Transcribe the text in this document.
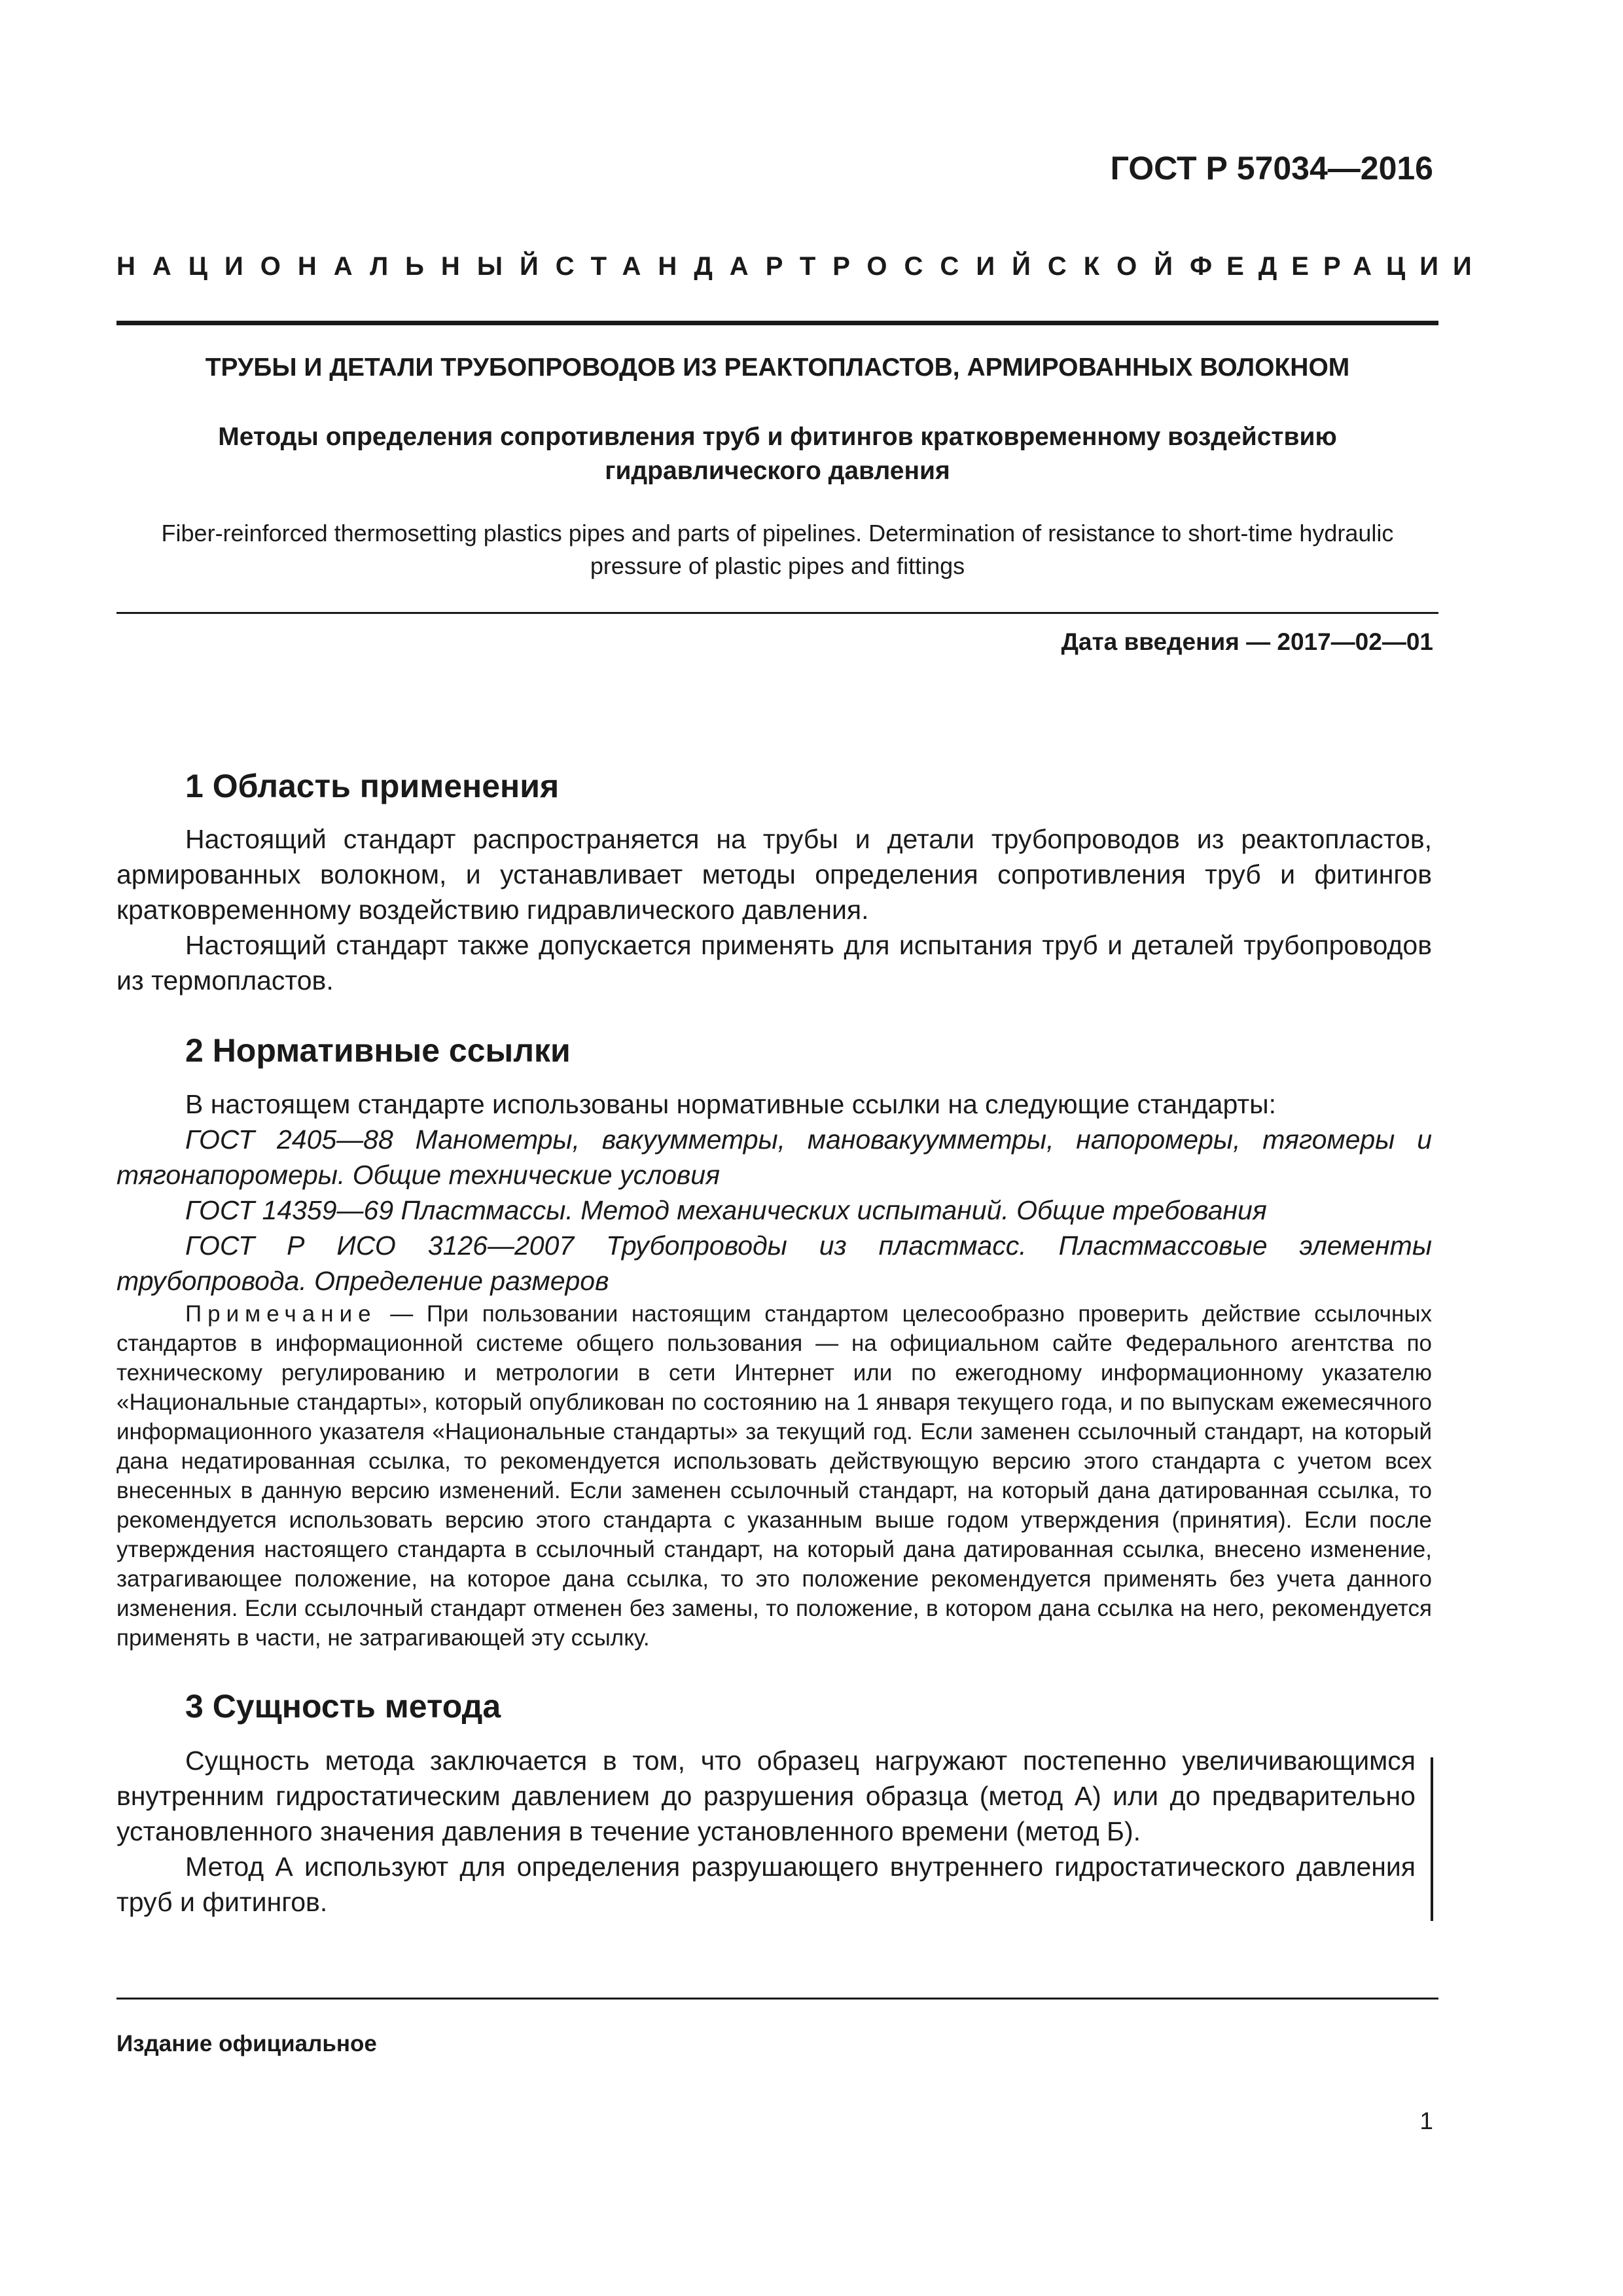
ГОСТ Р 57034—2016
НАЦИОНАЛЬНЫЙ СТАНДАРТ РОССИЙСКОЙ ФЕДЕРАЦИИ
ТРУБЫ И ДЕТАЛИ ТРУБОПРОВОДОВ ИЗ РЕАКТОПЛАСТОВ, АРМИРОВАННЫХ ВОЛОКНОМ
Методы определения сопротивления труб и фитингов кратковременному воздействию
гидравлического давления
Fiber-reinforced thermosetting plastics pipes and parts of pipelines. Determination of resistance to short-time hydraulic
pressure of plastic pipes and fittings
Дата введения — 2017—02—01
1 Область применения

Настоящий стандарт распространяется на трубы и детали трубопроводов из реактопластов, армированных волокном, и устанавливает методы определения сопротивления труб и фитингов кратковременному воздействию гидравлического давления.

Настоящий стандарт также допускается применять для испытания труб и деталей трубопроводов из термопластов.

2 Нормативные ссылки

В настоящем стандарте использованы нормативные ссылки на следующие стандарты:

ГОСТ 2405—88 Манометры, вакуумметры, мановакуумметры, напоромеры, тягомеры и тягонапоромеры. Общие технические условия

ГОСТ 14359—69 Пластмассы. Метод механических испытаний. Общие требования

ГОСТ Р ИСО 3126—2007 Трубопроводы из пластмасс. Пластмассовые элементы трубопровода. Определение размеров

Примечание — При пользовании настоящим стандартом целесообразно проверить действие ссылочных стандартов в информационной системе общего пользования — на официальном сайте Федерального агентства по техническому регулированию и метрологии в сети Интернет или по ежегодному информационному указателю «Национальные стандарты», который опубликован по состоянию на 1 января текущего года, и по выпускам ежемесячного информационного указателя «Национальные стандарты» за текущий год. Если заменен ссылочный стандарт, на который дана недатированная ссылка, то рекомендуется использовать действующую версию этого стандарта с учетом всех внесенных в данную версию изменений. Если заменен ссылочный стандарт, на который дана датированная ссылка, то рекомендуется использовать версию этого стандарта с указанным выше годом утверждения (принятия). Если после утверждения настоящего стандарта в ссылочный стандарт, на который дана датированная ссылка, внесено изменение, затрагивающее положение, на которое дана ссылка, то это положение рекомендуется применять без учета данного изменения. Если ссылочный стандарт отменен без замены, то положение, в котором дана ссылка на него, рекомендуется применять в части, не затрагивающей эту ссылку.

3 Сущность метода

Сущность метода заключается в том, что образец нагружают постепенно увеличивающимся внутренним гидростатическим давлением до разрушения образца (метод А) или до предварительно установленного значения давления в течение установленного времени (метод Б).

Метод А используют для определения разрушающего внутреннего гидростатического давления труб и фитингов.

Издание официальное
1
